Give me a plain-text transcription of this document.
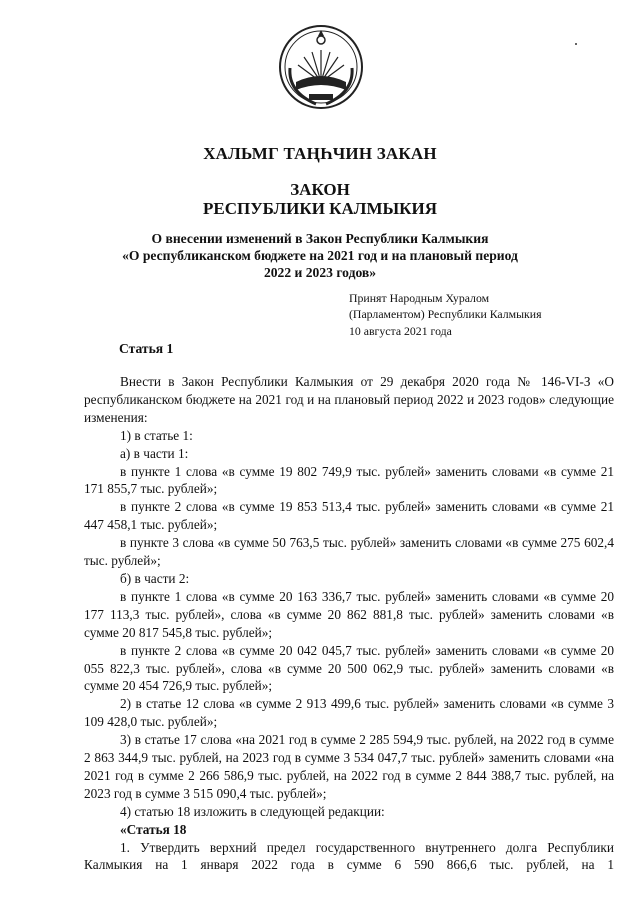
ХАЛЬМГ ТАҢҺЧИН ЗАКАН
ЗАКОН
РЕСПУБЛИКИ КАЛМЫКИЯ
О внесении изменений в Закон Республики Калмыкия
«О республиканском бюджете на 2021 год и на плановый период
2022 и 2023 годов»
Принят Народным Хуралом
(Парламентом) Республики Калмыкия
10 августа 2021 года
Статья 1

Внести в Закон Республики Калмыкия от 29 декабря 2020 года № 146-VI-З «О республиканском бюджете на 2021 год и на плановый период 2022 и 2023 годов» следующие изменения:

1) в статье 1:

а) в части 1:

в пункте 1 слова «в сумме 19 802 749,9 тыс. рублей» заменить словами «в сумме 21 171 855,7 тыс. рублей»;

в пункте 2 слова «в сумме 19 853 513,4 тыс. рублей» заменить словами «в сумме 21 447 458,1 тыс. рублей»;

в пункте 3 слова «в сумме 50 763,5 тыс. рублей» заменить словами «в сумме 275 602,4 тыс. рублей»;

б) в части 2:

в пункте 1 слова «в сумме 20 163 336,7 тыс. рублей» заменить словами «в сумме 20 177 113,3 тыс. рублей», слова «в сумме 20 862 881,8 тыс. рублей» заменить словами «в сумме 20 817 545,8 тыс. рублей»;

в пункте 2 слова «в сумме 20 042 045,7 тыс. рублей» заменить словами «в сумме 20 055 822,3 тыс. рублей», слова «в сумме 20 500 062,9 тыс. рублей» заменить словами «в сумме 20 454 726,9 тыс. рублей»;

2) в статье 12 слова «в сумме 2 913 499,6 тыс. рублей» заменить словами «в сумме 3 109 428,0 тыс. рублей»;

3) в статье 17 слова «на 2021 год в сумме 2 285 594,9 тыс. рублей, на 2022 год в сумме 2 863 344,9 тыс. рублей, на 2023 год в сумме 3 534 047,7 тыс. рублей» заменить словами «на 2021 год в сумме 2 266 586,9 тыс. рублей, на 2022 год в сумме 2 844 388,7 тыс. рублей, на 2023 год в сумме 3 515 090,4 тыс. рублей»;

4) статью 18 изложить в следующей редакции:

«Статья 18

1. Утвердить верхний предел государственного внутреннего долга Республики Калмыкия на 1 января 2022 года в сумме 6 590 866,6 тыс. рублей, на 1
